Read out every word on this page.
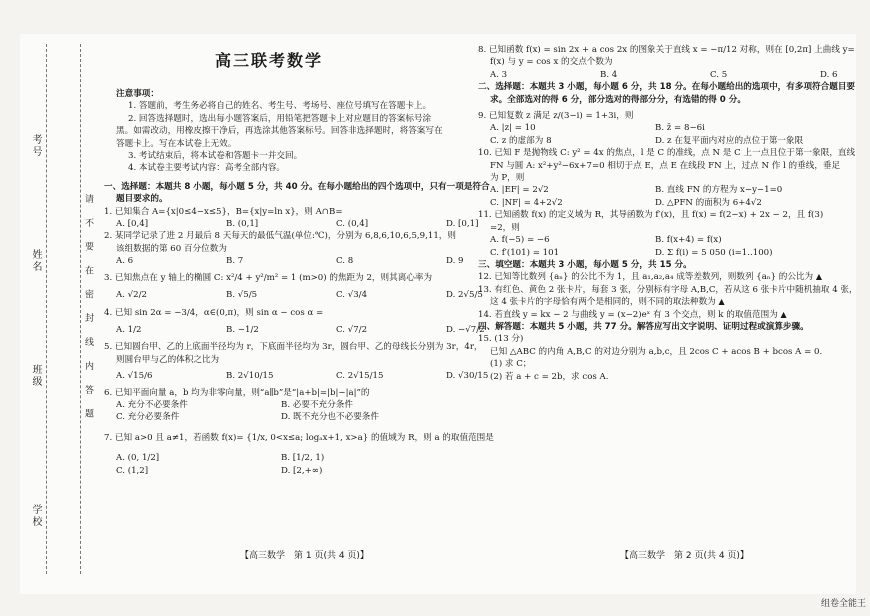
学校
班级
姓名
考号
请 不 要 在 密 封 线 内 答 题
高三联考数学

注意事项：

1. 答题前，考生务必将自己的姓名、考生号、考场号、座位号填写在答题卡上。

2. 回答选择题时，选出每小题答案后，用铅笔把答题卡上对应题目的答案标号涂

黑。如需改动，用橡皮擦干净后，再选涂其他答案标号。回答非选择题时，将答案写在

答题卡上。写在本试卷上无效。

3. 考试结束后，将本试卷和答题卡一并交回。

4. 本试卷主要考试内容：高考全部内容。

一、选择题：本题共 8 小题，每小题 5 分，共 40 分。在每小题给出的四个选项中，只有一项是符合

题目要求的。

1. 已知集合 A={x|0≤4−x≤5}，B={x|y=ln x}，则 A∩B=

A. [0,4]	B. (0,1]	C. (0,4]	D. [0,1]

2. 某同学记录了进 2 月最后 8 天每天的最低气温(单位:℃)，分别为 6,8,6,10,6,5,9,11，则

该组数据的第 60 百分位数为

A. 6	B. 7	C. 8	D. 9

3. 已知焦点在 y 轴上的椭圆 C: x²/4 + y²/m² = 1 (m>0) 的焦距为 2，则其离心率为

A. √2/2	B. √5/5	C. √3/4	D. 2√5/5

4. 已知 sin 2α = −3/4，α∈(0,π)，则 sin α − cos α =

A. 1/2	B. −1/2	C. √7/2	D. −√7/2

5. 已知圆台甲、乙的上底面半径均为 r，下底面半径均为 3r，圆台甲、乙的母线长分别为 3r，4r，

则圆台甲与乙的体积之比为

A. √15/6	B. 2√10/15	C. 2√15/15	D. √30/15

6. 已知平面向量 a，b 均为非零向量，则“a∥b”是“|a+b|=|b|−|a|”的

A. 充分不必要条件	B. 必要不充分条件

C. 充分必要条件	D. 既不充分也不必要条件

7. 已知 a>0 且 a≠1，若函数 f(x)= {1/x, 0<x≤a; logₐx+1, x>a} 的值域为 R，则 a 的取值范围是

A. (0, 1/2]	B. [1/2, 1)

C. (1,2]	D. [2,+∞)

【高三数学　第 1 页(共 4 页)】

8. 已知函数 f(x) = sin 2x + a cos 2x 的图象关于直线 x = −π/12 对称，则在 [0,2π] 上曲线 y=

f(x) 与 y = cos x 的交点个数为

A. 3	B. 4	C. 5	D. 6

二、选择题：本题共 3 小题，每小题 6 分，共 18 分。在每小题给出的选项中，有多项符合题目要

求。全部选对的得 6 分，部分选对的得部分分，有选错的得 0 分。

9. 已知复数 z 满足 z/(3−i) = 1+3i，则

A. |z| = 10	B. z̄ = 8−6i

C. z 的虚部为 8	D. z 在复平面内对应的点位于第一象限

10. 已知 F 是抛物线 C: y² = 4x 的焦点，l 是 C 的准线，点 N 是 C 上一点且位于第一象限，直线

FN 与圆 A: x²+y²−6x+7=0 相切于点 E，点 E 在线段 FN 上，过点 N 作 l 的垂线，垂足

为 P，则

A. |EF| = 2√2	B. 直线 FN 的方程为 x−y−1=0

C. |NF| = 4+2√2	D. △PFN 的面积为 6+4√2

11. 已知函数 f(x) 的定义域为 R，其导函数为 f′(x)，且 f(x) = f(2−x) + 2x − 2，且 f(3)

=2，则

A. f(−5) = −6	B. f(x+4) = f(x)

C. f′(101) = 101	D. Σ f(i) = 5 050 (i=1..100)

三、填空题：本题共 3 小题，每小题 5 分，共 15 分。

12. 已知等比数列 {aₙ} 的公比不为 1，且 a₁,a₂,a₄ 成等差数列，则数列 {aₙ} 的公比为 ▲

13. 有红色、黄色 2 张卡片，每套 3 张，分别标有字母 A,B,C，若从这 6 张卡片中随机抽取 4 张，

这 4 张卡片的字母恰有两个是相同的，则不同的取法种数为 ▲

14. 若直线 y = kx − 2 与曲线 y = (x−2)eˣ 有 3 个交点，则 k 的取值范围为 ▲

四、解答题：本题共 5 小题，共 77 分。解答应写出文字说明、证明过程或演算步骤。

15. (13 分)

已知 △ABC 的内角 A,B,C 的对边分别为 a,b,c，且 2cos C + acos B + bcos A = 0.

(1) 求 C；

(2) 若 a + c = 2b，求 cos A.

【高三数学　第 2 页(共 4 页)】
组卷全能王
